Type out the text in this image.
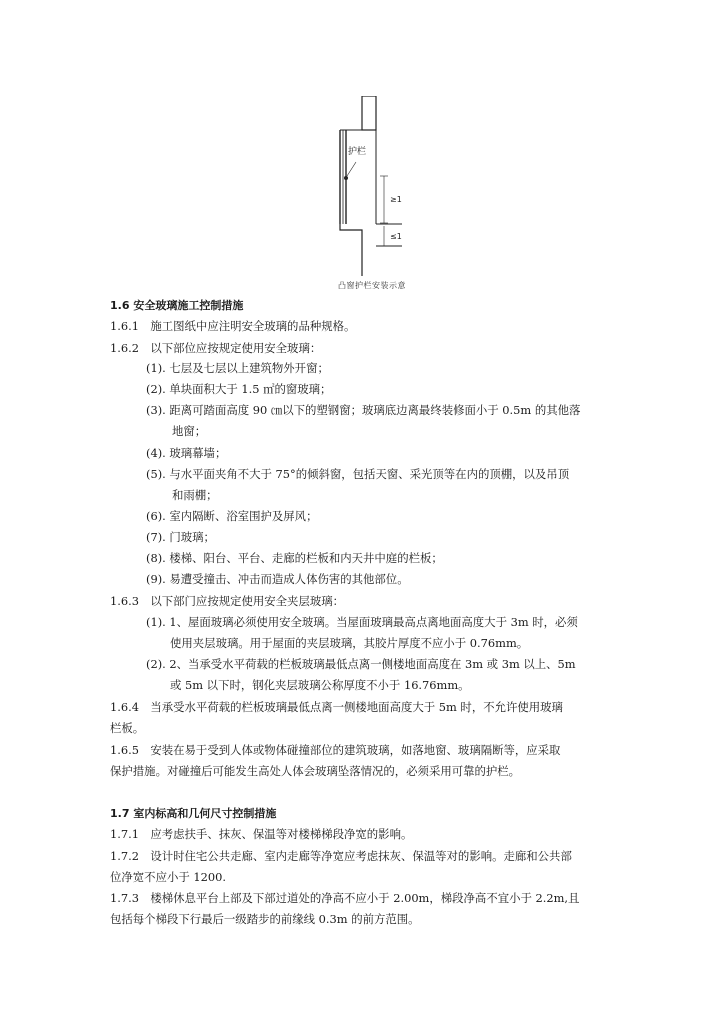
≥1
≤1
护栏
凸窗护栏安装示意
1.6 安全玻璃施工控制措施
1.6.1　施工图纸中应注明安全玻璃的品种规格。
1.6.2　以下部位应按规定使用安全玻璃：
(1). 七层及七层以上建筑物外开窗；
(2). 单块面积大于 1.5 ㎡的窗玻璃；
(3). 距离可踏面高度 90 ㎝以下的塑钢窗；玻璃底边离最终装修面小于 0.5m 的其他落
地窗；
(4). 玻璃幕墙；
(5). 与水平面夹角不大于 75°的倾斜窗，包括天窗、采光顶等在内的顶棚，以及吊顶
和雨棚；
(6). 室内隔断、浴室围护及屏风；
(7). 门玻璃；
(8). 楼梯、阳台、平台、走廊的栏板和内天井中庭的栏板；
(9). 易遭受撞击、冲击而造成人体伤害的其他部位。
1.6.3　以下部门应按规定使用安全夹层玻璃：
(1). 1、屋面玻璃必须使用安全玻璃。当屋面玻璃最高点离地面高度大于 3m 时，必须
使用夹层玻璃。用于屋面的夹层玻璃，其胶片厚度不应小于 0.76mm。
(2). 2、当承受水平荷载的栏板玻璃最低点离一侧楼地面高度在 3m 或 3m 以上、5m
或 5m 以下时，钢化夹层玻璃公称厚度不小于 16.76mm。
1.6.4　当承受水平荷载的栏板玻璃最低点离一侧楼地面高度大于 5m 时，不允许使用玻璃
栏板。
1.6.5　安装在易于受到人体或物体碰撞部位的建筑玻璃，如落地窗、玻璃隔断等，应采取
保护措施。对碰撞后可能发生高处人体会玻璃坠落情况的，必须采用可靠的护栏。
1.7 室内标高和几何尺寸控制措施
1.7.1　应考虑扶手、抹灰、保温等对楼梯梯段净宽的影响。
1.7.2　设计时住宅公共走廊、室内走廊等净宽应考虑抹灰、保温等对的影响。走廊和公共部
位净宽不应小于 1200.
1.7.3　楼梯休息平台上部及下部过道处的净高不应小于 2.00m，梯段净高不宜小于 2.2m,且
包括每个梯段下行最后一级踏步的前缘线 0.3m 的前方范围。
